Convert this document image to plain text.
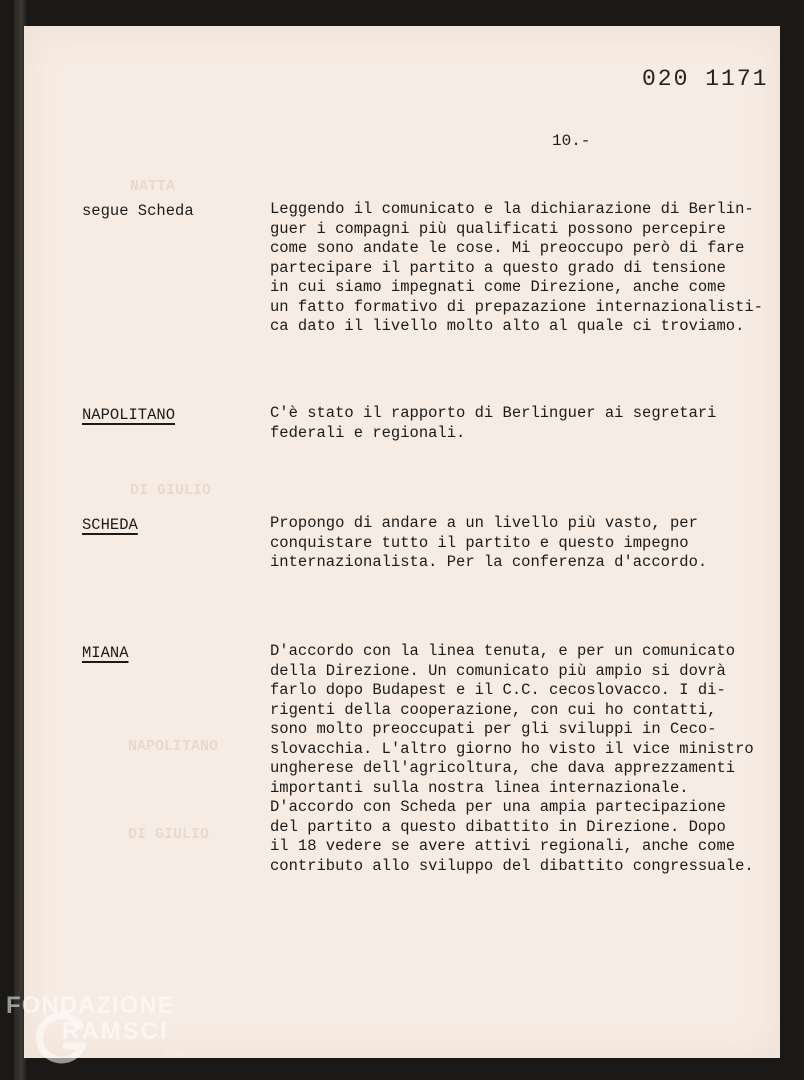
NATTA
DI GIULIO
NAPOLITANO
DI GIULIO
020 1171
10.-
segue Scheda	Leggendo il comunicato e la dichiarazione di Berlin-
guer i compagni più qualificati possono percepire
come sono andate le cose. Mi preoccupo però di fare
partecipare il partito a questo grado di tensione
in cui siamo impegnati come Direzione, anche come
un fatto formativo di prepazazione internazionalisti-
ca dato il livello molto alto al quale ci troviamo.
NAPOLITANO	C'è stato il rapporto di Berlinguer ai segretari
federali e regionali.
SCHEDA	Propongo di andare a un livello più vasto, per
conquistare tutto il partito e questo impegno
internazionalista. Per la conferenza d'accordo.
MIANA	D'accordo con la linea tenuta, e per un comunicato
della Direzione. Un comunicato più ampio si dovrà
farlo dopo Budapest e il C.C. cecoslovacco. I di-
rigenti della cooperazione, con cui ho contatti,
sono molto preoccupati per gli sviluppi in Ceco-
slovacchia. L'altro giorno ho visto il vice ministro
ungherese dell'agricoltura, che dava apprezzamenti
importanti sulla nostra linea internazionale.
D'accordo con Scheda per una ampia partecipazione
del partito a questo dibattito in Direzione. Dopo
il 18 vedere se avere attivi regionali, anche come
contributo allo sviluppo del dibattito congressuale.
FONDAZIONE
RAMSCI
onlus
